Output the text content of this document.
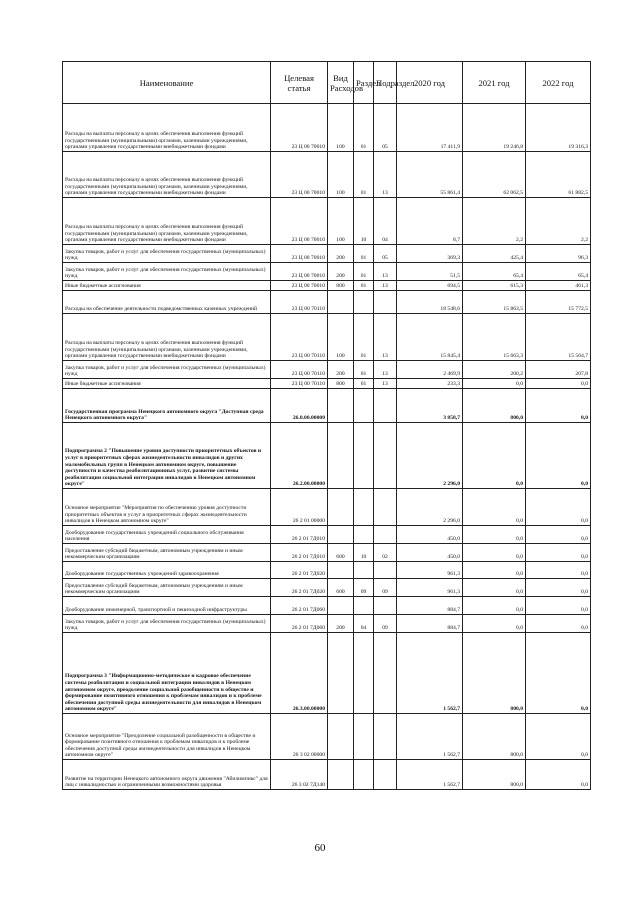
Наименование	Целевая статья	Вид Расходов	Раздел	Подраздел	2020 год	2021 год	2022 год
Расходы на выплаты персоналу в целях обеспечения выполнения функций государственными (муниципальными) органами, казенными учреждениями, органами управления государственными внебюджетными фондами	23 Ц 00 70010	100	01	05	17 411,9	19 246,8	19 316,3
Расходы на выплаты персоналу в целях обеспечения выполнения функций государственными (муниципальными) органами, казенными учреждениями, органами управления государственными внебюджетными фондами	23 Ц 00 70010	100	01	13	55 861,4	62 062,5	61 882,5
Расходы на выплаты персоналу в целях обеспечения выполнения функций государственными (муниципальными) органами, казенными учреждениями, органами управления государственными внебюджетными фондами	23 Ц 00 70010	100	10	04	8,7	2,2	2,2
Закупка товаров, работ и услуг для обеспечения государственных (муниципальных) нужд	23 Ц 00 70010	200	01	05	369,3	425,4	96,3
Закупка товаров, работ и услуг для обеспечения государственных (муниципальных) нужд	23 Ц 00 70010	200	01	13	51,5	65,4	65,4
Иные бюджетные ассигнования	23 Ц 00 70010	800	01	13	694,5	615,3	461,3
Расходы на обеспечение деятельности подведомственных казенных учреждений	23 Ц 00 70110				18 548,6	15 863,5	15 772,5
Расходы на выплаты персоналу в целях обеспечения выполнения функций государственными (муниципальными) органами, казенными учреждениями, органами управления государственными внебюджетными фондами	23 Ц 00 70110	100	01	13	15 845,4	15 663,3	15 564,7
Закупка товаров, работ и услуг для обеспечения государственных (муниципальных) нужд	23 Ц 00 70110	200	01	13	2 469,9	200,2	207,8
Иные бюджетные ассигнования	23 Ц 00 70110	800	01	13	233,3	0,0	0,0
Государственная программа Ненецкого автономного округа "Доступная среда Ненецкого автономного округа"	26.0.00.00000				3 858,7	800,0	0,0
Подпрограмма 2 "Повышение уровня доступности приоритетных объектов и услуг в приоритетных сферах жизнедеятельности инвалидов и других маломобильных групп в Ненецком автономном округе, повышение доступности и качества реабилитационных услуг, развитие системы реабилитации социальной интеграции инвалидов в Ненецком автономном округе"	26.2.00.00000				2 296,0	0,0	0,0
Основное мероприятие "Мероприятия по обеспечению уровня доступности приоритетных объектов и услуг в приоритетных сферах жизнедеятельности инвалидов в Ненецком автономном округе"	26 2 01 00000				2 296,0	0,0	0,0
Дооборудование государственных учреждений социального обслуживания населения	26 2 01 7Д010				450,0	0,0	0,0
Предоставление субсидий бюджетным, автономным учреждениям и иным некоммерческим организациям	26 2 01 7Д010	600	10	02	450,0	0,0	0,0
Дооборудование государственных учреждений здравоохранения	26 2 01 7Д020				961,3	0,0	0,0
Предоставление субсидий бюджетным, автономным учреждениям и иным некоммерческим организациям	26 2 01 7Д020	600	09	09	961,3	0,0	0,0
Дооборудование инженерной, транспортной и пешеходной инфраструктуры	26 2 01 7Д060				884,7	0,0	0,0
Закупка товаров, работ и услуг для обеспечения государственных (муниципальных) нужд	26 2 01 7Д060	200	04	09	884,7	0,0	0,0
Подпрограмма 3 "Информационно-методическое и кадровое обеспечение системы реабилитации и социальной интеграции инвалидов в Ненецком автономном округе, преодоление социальной разобщенности в обществе и формирование позитивного отношения к проблемам инвалидов и к проблеме обеспечения доступной среды жизнедеятельности для инвалидов в Ненецком автономном округе"	26.3.00.00000				1 562,7	800,0	0,0
Основное мероприятие "Преодоление социальной разобщенности в обществе и формирование позитивного отношения к проблемам инвалидов и к проблеме обеспечения доступной среды жизнедеятельности для инвалидов в Ненецком автономном округе"	26 3 02 00000				1 562,7	800,0	0,0
Развитие на территории Ненецкого автономного округа движения "Абилимпикс" для лиц с инвалидностью и ограниченными возможностями здоровья	26 3 02 7Д140				1 562,7	800,0	0,0
60
